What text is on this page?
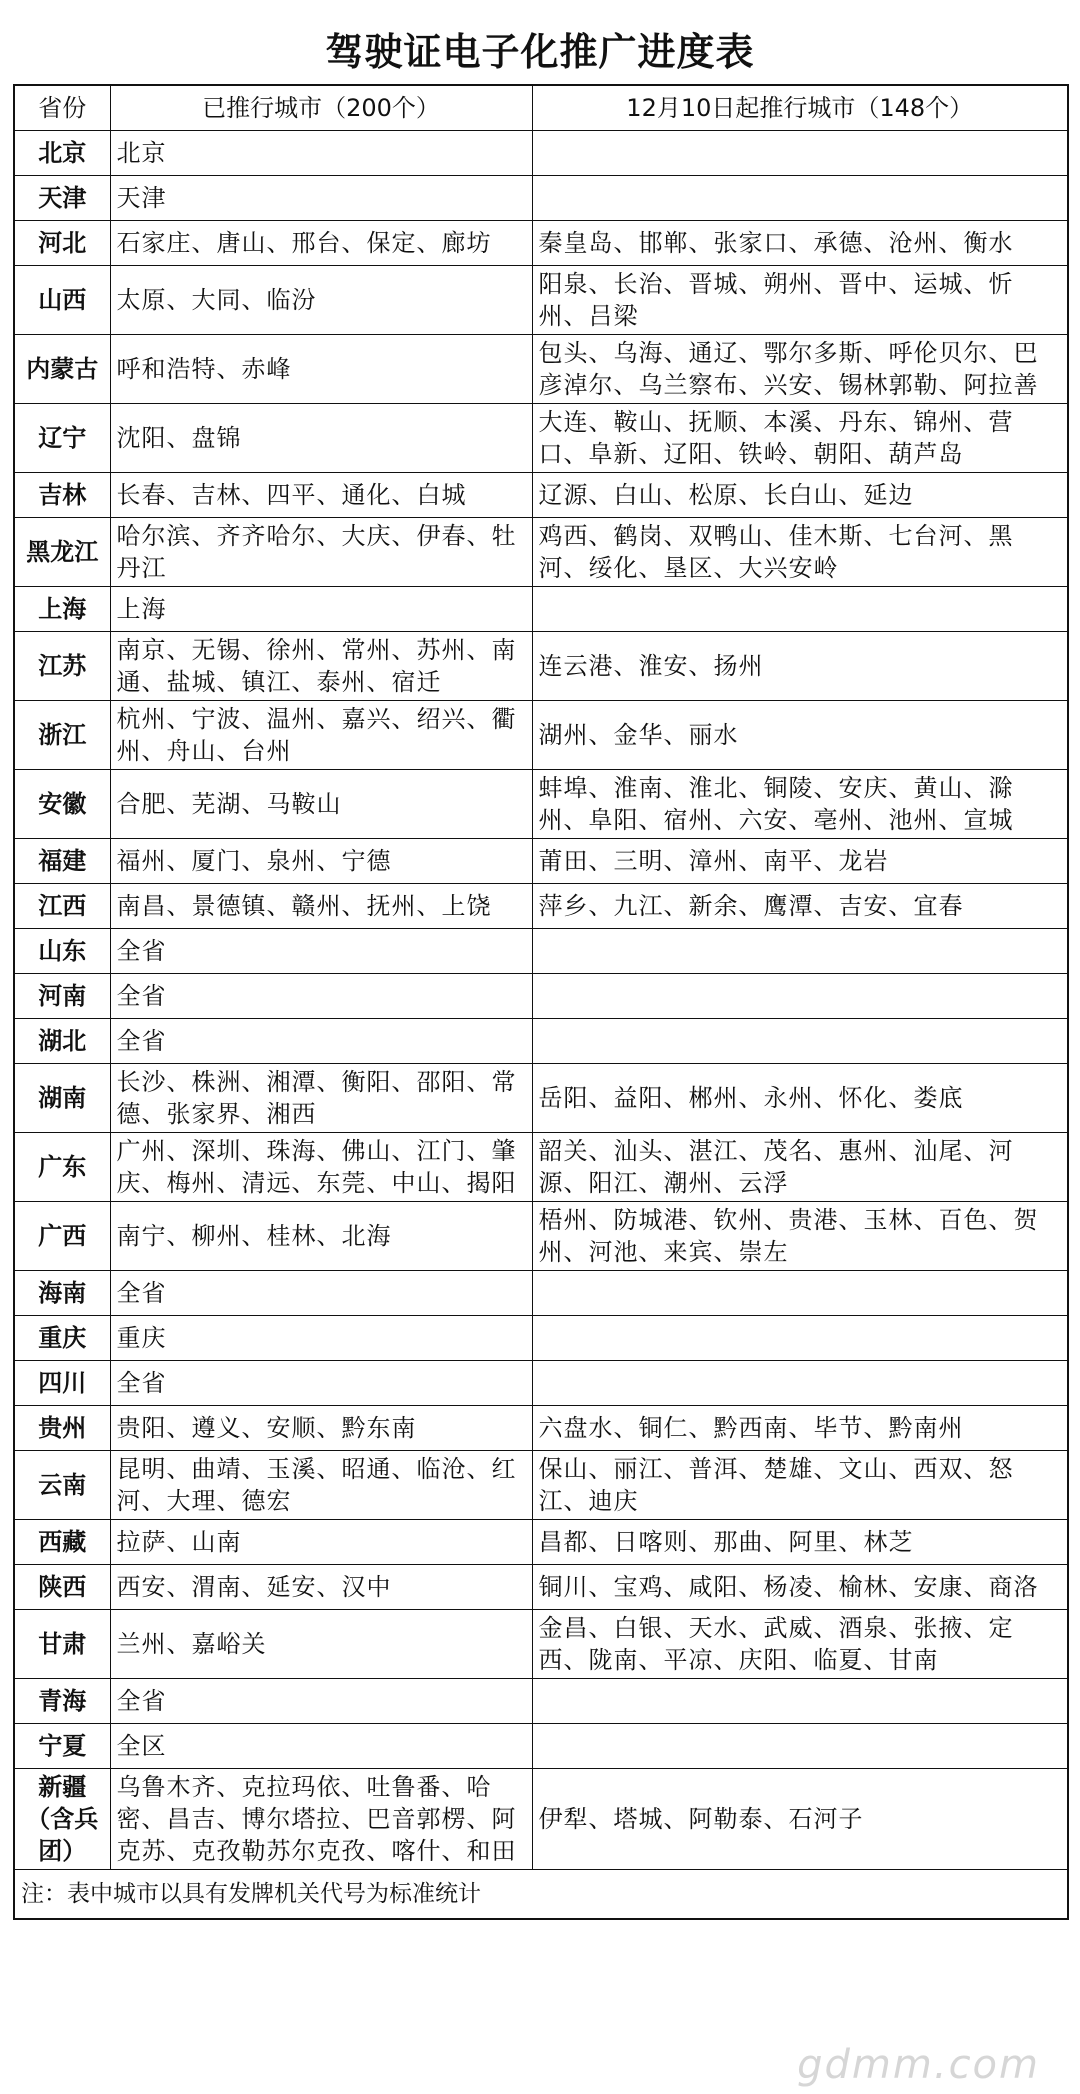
驾驶证电子化推广进度表
省份	已推行城市（200个）	12月10日起推行城市（148个）
北京	北京	
天津	天津	
河北	石家庄、唐山、邢台、保定、廊坊	秦皇岛、邯郸、张家口、承德、沧州、衡水
山西	太原、大同、临汾	阳泉、长治、晋城、朔州、晋中、运城、忻州、吕梁
内蒙古	呼和浩特、赤峰	包头、乌海、通辽、鄂尔多斯、呼伦贝尔、巴彦淖尔、乌兰察布、兴安、锡林郭勒、阿拉善
辽宁	沈阳、盘锦	大连、鞍山、抚顺、本溪、丹东、锦州、营口、阜新、辽阳、铁岭、朝阳、葫芦岛
吉林	长春、吉林、四平、通化、白城	辽源、白山、松原、长白山、延边
黑龙江	哈尔滨、齐齐哈尔、大庆、伊春、牡丹江	鸡西、鹤岗、双鸭山、佳木斯、七台河、黑河、绥化、垦区、大兴安岭
上海	上海	
江苏	南京、无锡、徐州、常州、苏州、南通、盐城、镇江、泰州、宿迁	连云港、淮安、扬州
浙江	杭州、宁波、温州、嘉兴、绍兴、衢州、舟山、台州	湖州、金华、丽水
安徽	合肥、芜湖、马鞍山	蚌埠、淮南、淮北、铜陵、安庆、黄山、滁州、阜阳、宿州、六安、亳州、池州、宣城
福建	福州、厦门、泉州、宁德	莆田、三明、漳州、南平、龙岩
江西	南昌、景德镇、赣州、抚州、上饶	萍乡、九江、新余、鹰潭、吉安、宜春
山东	全省	
河南	全省	
湖北	全省	
湖南	长沙、株洲、湘潭、衡阳、邵阳、常德、张家界、湘西	岳阳、益阳、郴州、永州、怀化、娄底
广东	广州、深圳、珠海、佛山、江门、肇庆、梅州、清远、东莞、中山、揭阳	韶关、汕头、湛江、茂名、惠州、汕尾、河源、阳江、潮州、云浮
广西	南宁、柳州、桂林、北海	梧州、防城港、钦州、贵港、玉林、百色、贺州、河池、来宾、崇左
海南	全省	
重庆	重庆	
四川	全省	
贵州	贵阳、遵义、安顺、黔东南	六盘水、铜仁、黔西南、毕节、黔南州
云南	昆明、曲靖、玉溪、昭通、临沧、红河、大理、德宏	保山、丽江、普洱、楚雄、文山、西双、怒江、迪庆
西藏	拉萨、山南	昌都、日喀则、那曲、阿里、林芝
陕西	西安、渭南、延安、汉中	铜川、宝鸡、咸阳、杨凌、榆林、安康、商洛
甘肃	兰州、嘉峪关	金昌、白银、天水、武威、酒泉、张掖、定西、陇南、平凉、庆阳、临夏、甘南
青海	全省	
宁夏	全区	
新疆（含兵团）	乌鲁木齐、克拉玛依、吐鲁番、哈密、昌吉、博尔塔拉、巴音郭楞、阿克苏、克孜勒苏尔克孜、喀什、和田	伊犁、塔城、阿勒泰、石河子
注：表中城市以具有发牌机关代号为标准统计		
gdmm.com
